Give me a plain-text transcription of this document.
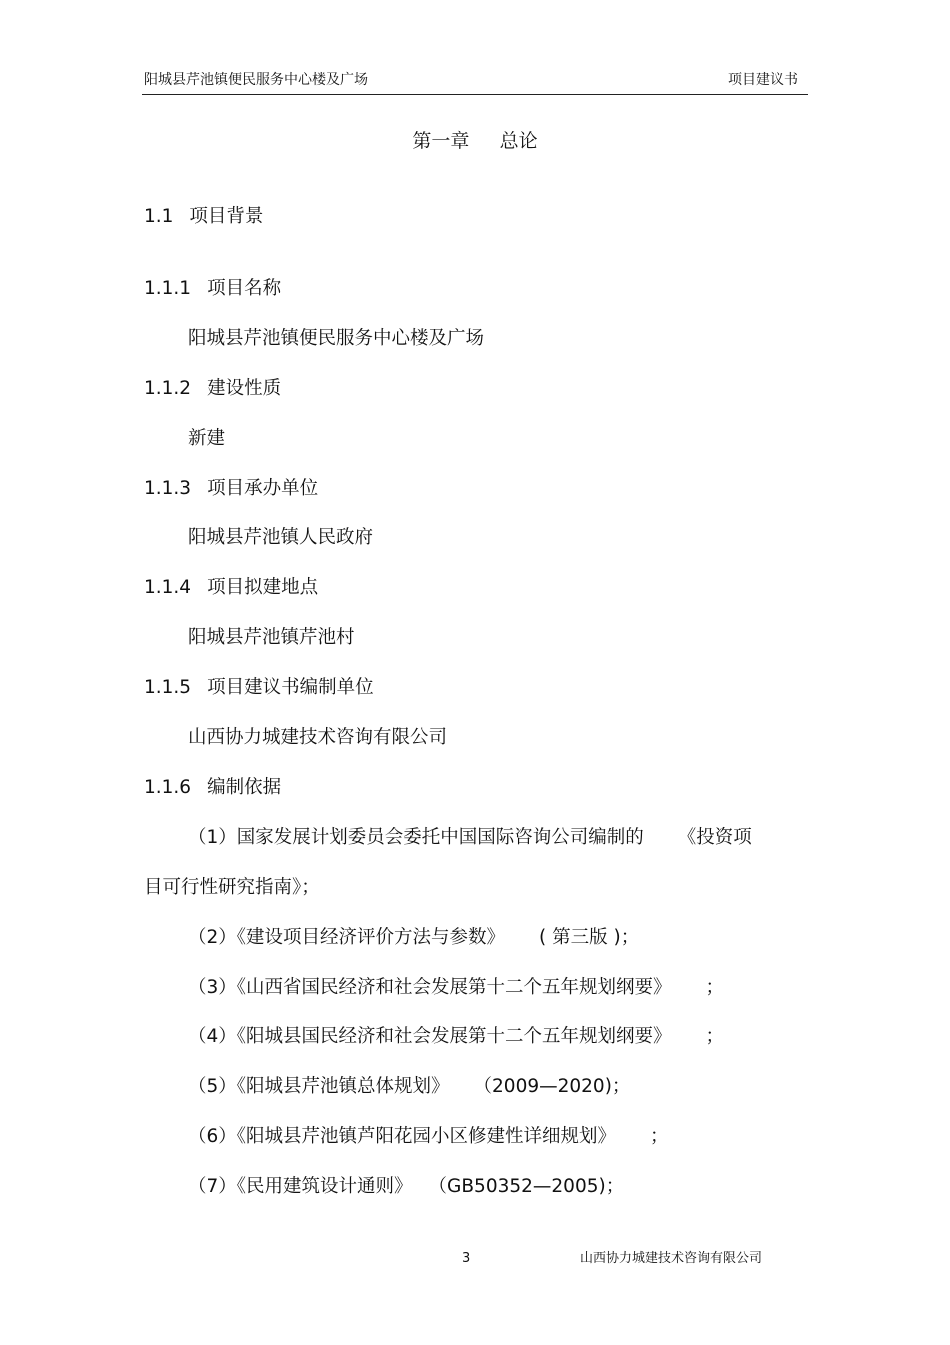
阳城县芹池镇便民服务中心楼及广场	项目建议书
第一章     总论
1.1 项目背景
1.1.1 项目名称
阳城县芹池镇便民服务中心楼及广场
1.1.2 建设性质
新建
1.1.3 项目承办单位
阳城县芹池镇人民政府
1.1.4 项目拟建地点
阳城县芹池镇芹池村
1.1.5 项目建议书编制单位
山西协力城建技术咨询有限公司
1.1.6 编制依据
（1）国家发展计划委员会委托中国国际咨询公司编制的 《投资项
目可行性研究指南》；
（2）《建设项目经济评价方法与参数》 ( 第三版 )；
（3）《山西省国民经济和社会发展第十二个五年规划纲要》 ；
（4）《阳城县国民经济和社会发展第十二个五年规划纲要》 ；
（5）《阳城县芹池镇总体规划》 （2009—2020)；
（6）《阳城县芹池镇芦阳花园小区修建性详细规划》 ；
（7）《民用建筑设计通则》 （GB50352—2005)；
3	山西协力城建技术咨询有限公司
